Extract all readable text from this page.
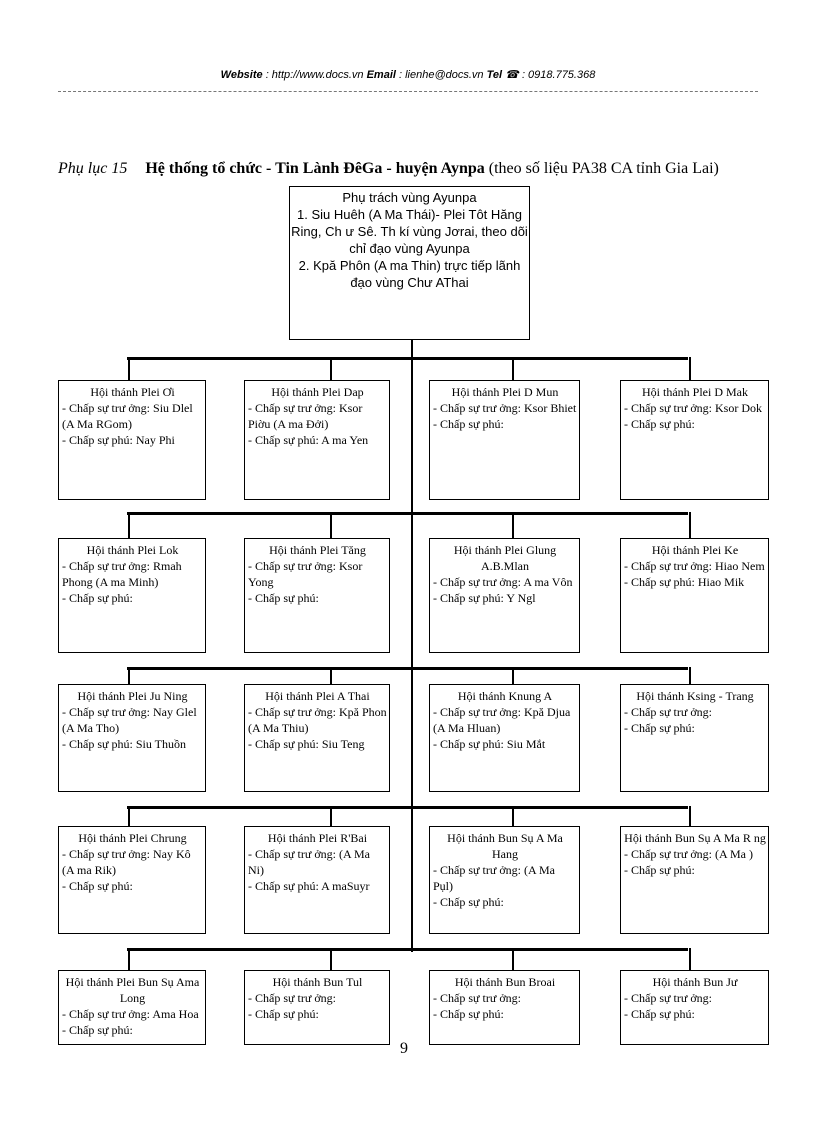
Website : http://www.docs.vn Email : lienhe@docs.vn Tel ☎ : 0918.775.368
Phụ lục 15 Hệ thống tổ chức - Tin Lành ĐêGa - huyện Aynpa (theo số liệu PA38 CA tỉnh Gia Lai)
Phụ trách vùng Ayunpa
1. Siu Huêh (A Ma Thái)- Plei Tôt Hăng Ring, Ch ư Sê. Th kí vùng Jơrai, theo dõi chỉ đạo vùng Ayunpa
2. Kpă Phôn (A ma Thin) trực tiếp lãnh đạo vùng Chư AThai
Hội thánh Plei Ơi
- Chấp sự trư ởng: Siu Dlel (A Ma RGom)
- Chấp sự phú: Nay Phi
Hội thánh Plei Dap
- Chấp sự trư ởng: Ksor Piờu (A ma Đởi)
- Chấp sự phú: A ma Yen
Hội thánh Plei D Mun
- Chấp sự trư ởng: Ksor Bhiet
- Chấp sự phú:
Hội thánh Plei D Mak
- Chấp sự trư ởng: Ksor Dok
- Chấp sự phú:
Hội thánh Plei Lok
- Chấp sự trư ởng: Rmah Phong (A ma Minh)
- Chấp sự phú:
Hội thánh Plei Tăng
- Chấp sự trư ởng: Ksor Yong
- Chấp sự phú:
Hội thánh Plei Glung A.B.Mlan
- Chấp sự trư ởng: A ma Vôn
- Chấp sự phú: Y Ngl
Hội thánh Plei Ke
- Chấp sự trư ởng: Hiao Nem
- Chấp sự phú: Hiao Mik
Hội thánh Plei Ju Ning
- Chấp sự trư ởng: Nay Glel (A Ma Tho)
- Chấp sự phú: Siu Thuồn
Hội thánh Plei A Thai
- Chấp sự trư ởng: Kpă Phon (A Ma Thiu)
- Chấp sự phú: Siu Teng
Hội thánh Knung A
- Chấp sự trư ởng: Kpă Djua (A Ma Hluan)
- Chấp sự phú: Siu Mắt
Hội thánh Ksing - Trang
- Chấp sự trư ởng:
- Chấp sự phú:
Hội thánh Plei Chrung
- Chấp sự trư ởng: Nay Kô (A ma Rik)
- Chấp sự phú:
Hội thánh Plei R'Bai
- Chấp sự trư ởng: (A Ma Ni)
- Chấp sự phú: A maSuyr
Hội thánh Bun Sụ A Ma Hang
- Chấp sự trư ởng: (A Ma Pụl)
- Chấp sự phú:
Hội thánh Bun Sụ A Ma R ng
- Chấp sự trư ởng: (A Ma )
- Chấp sự phú:
Hội thánh Plei Bun Sụ Ama Long
- Chấp sự trư ởng: Ama Hoa
- Chấp sự phú:
Hội thánh Bun Tul
- Chấp sự trư ởng:
- Chấp sự phú:
Hội thánh Bun Broai
- Chấp sự trư ởng:
- Chấp sự phú:
Hội thánh Bun Jư
- Chấp sự trư ởng:
- Chấp sự phú:
9
